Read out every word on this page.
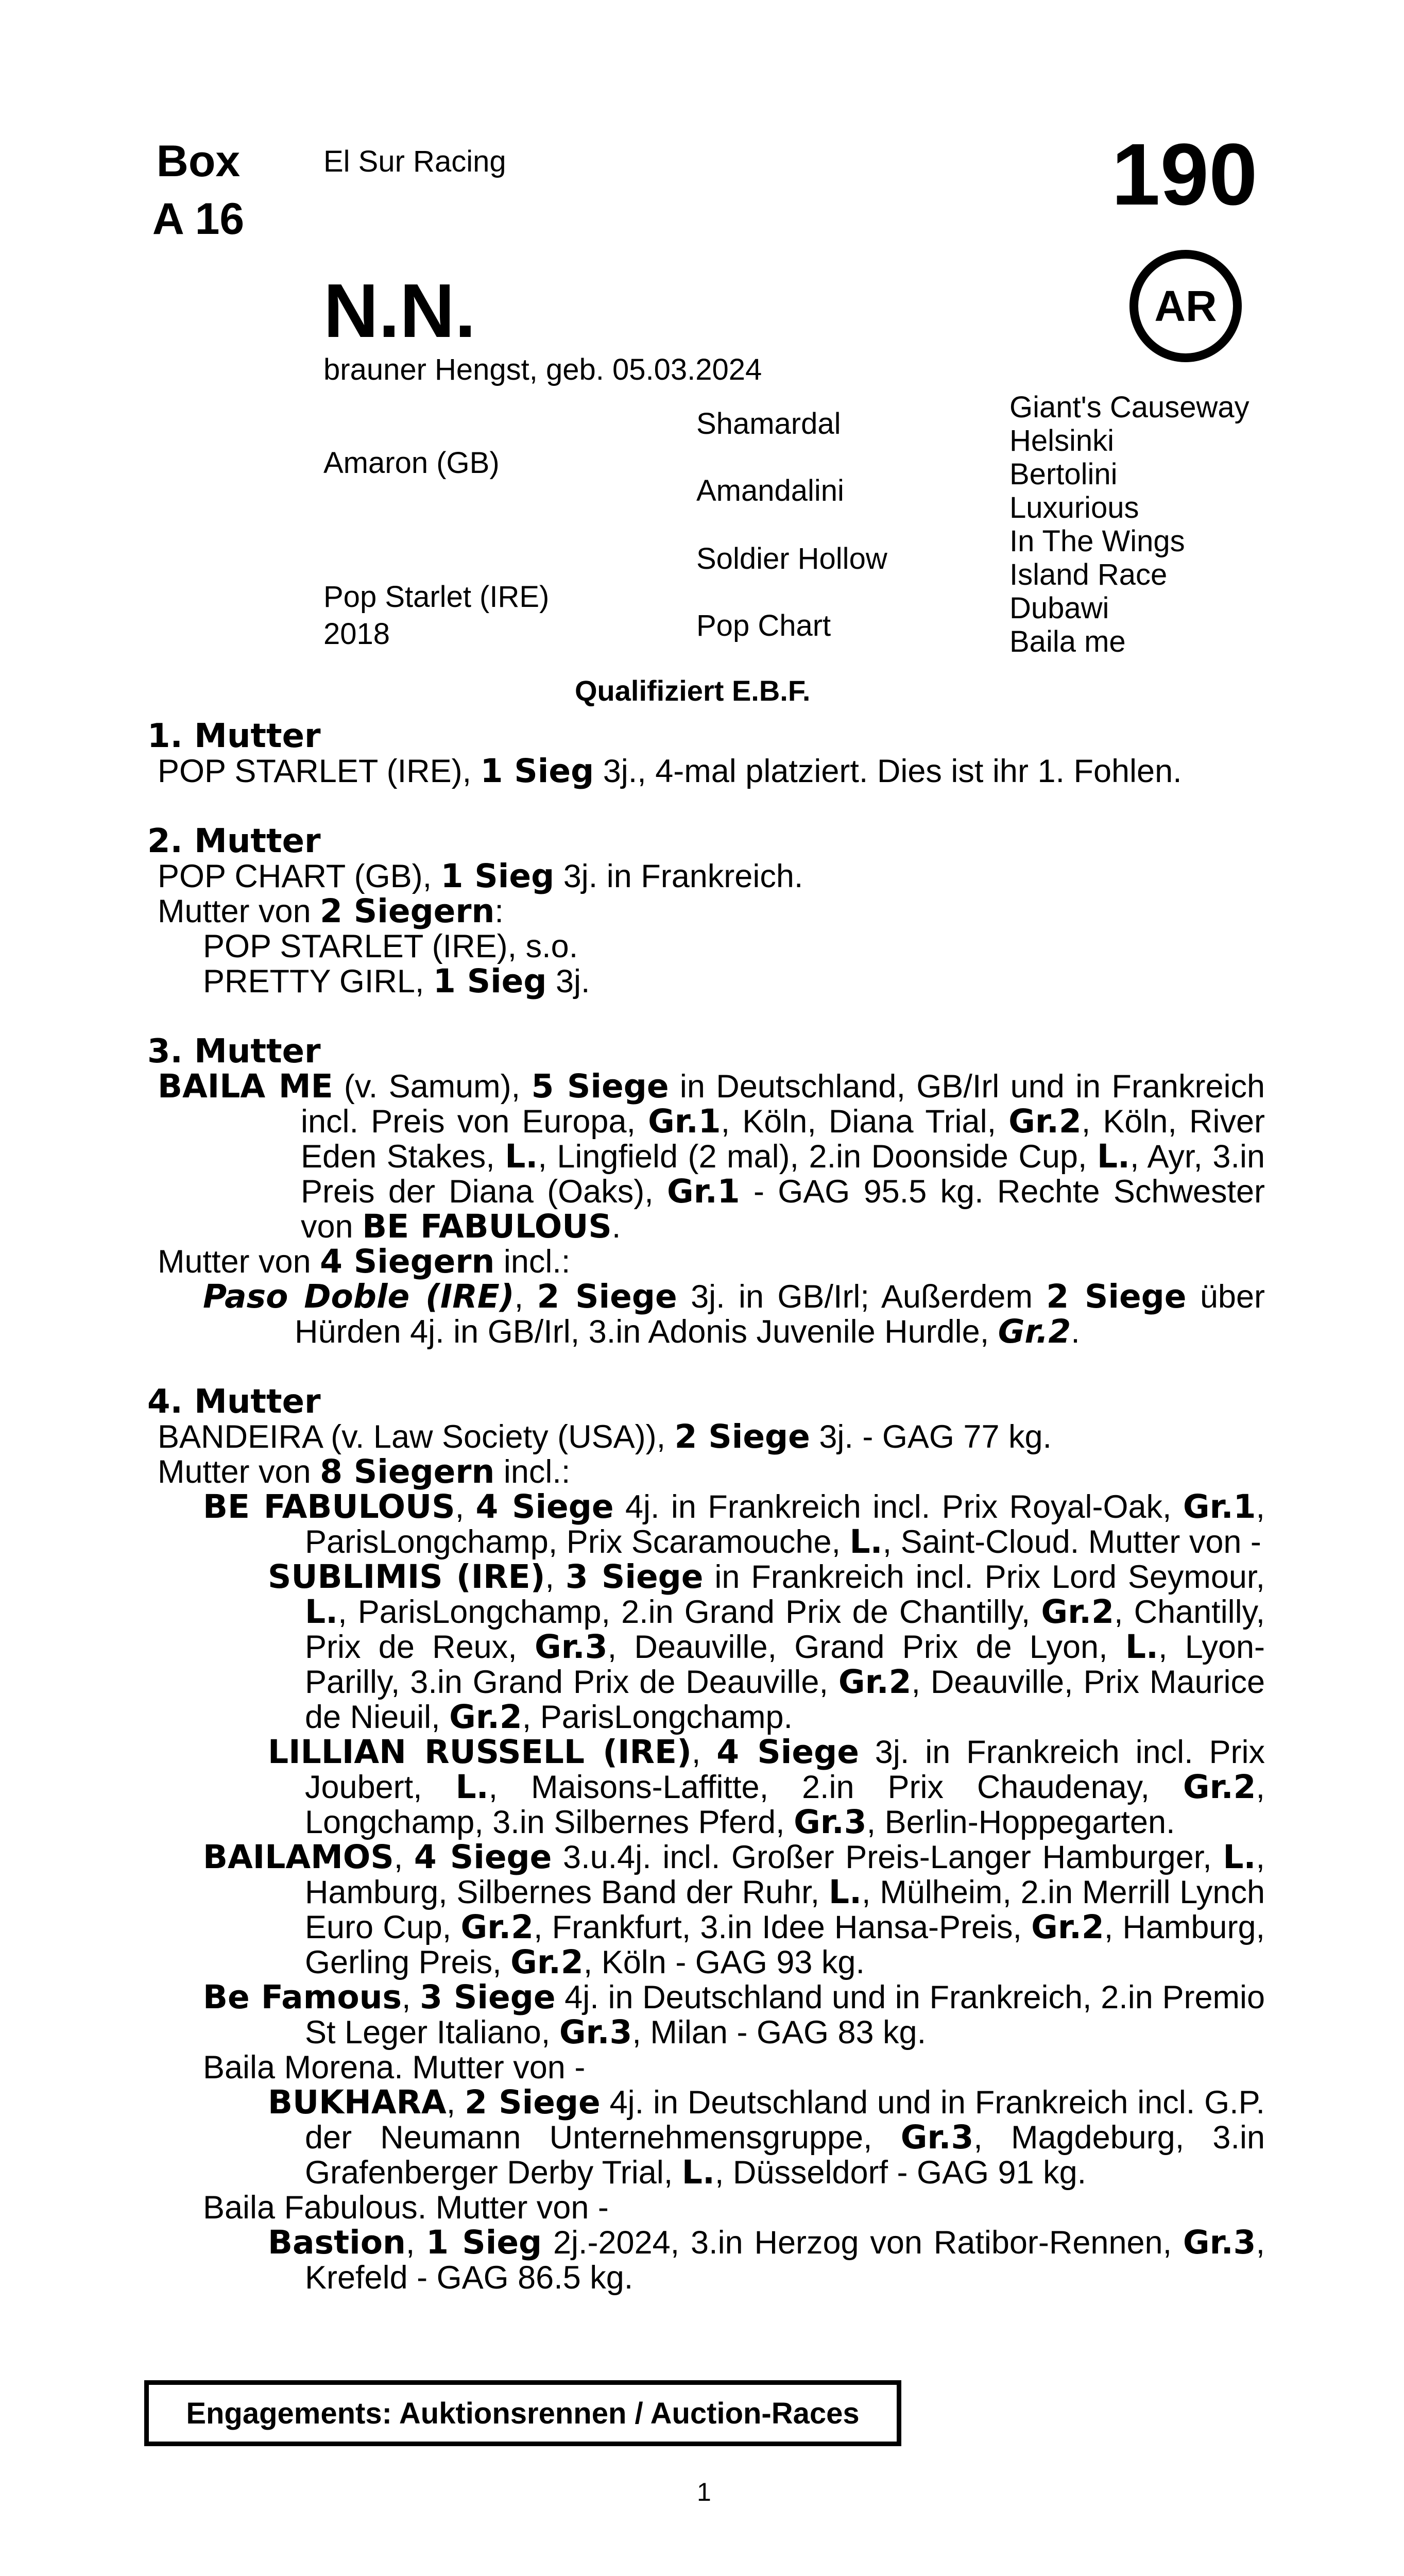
Box
A 16
El Sur Racing	190
AR
N.N.
brauner Hengst, geb. 05.03.2024
Amaron (GB)
Pop Starlet (IRE)
2018
Shamardal
Amandalini
Soldier Hollow
Pop Chart
Giant's Causeway
Helsinki
Bertolini
Luxurious
In The Wings
Island Race
Dubawi
Baila me
Qualifiziert E.B.F.

1. Mutter

POP STARLET (IRE), 1 Sieg 3j., 4-mal platziert. Dies ist ihr 1. Fohlen.

2. Mutter

POP CHART (GB), 1 Sieg 3j. in Frankreich.

Mutter von 2 Siegern:

POP STARLET (IRE), s.o.

PRETTY GIRL, 1 Sieg 3j.

3. Mutter

BAILA ME (v. Samum), 5 Siege in Deutschland, GB/Irl und in Frankreich incl. Preis von Europa, Gr.1, Köln, Diana Trial, Gr.2, Köln, River Eden Stakes, L., Lingfield (2 mal), 2.in Doonside Cup, L., Ayr, 3.in Preis der Diana (Oaks), Gr.1 - GAG 95.5 kg. Rechte Schwester von BE FABULOUS.

Mutter von 4 Siegern incl.:

Paso Doble (IRE), 2 Siege 3j. in GB/Irl; Außerdem 2 Siege über Hürden 4j. in GB/Irl, 3.in Adonis Juvenile Hurdle, Gr.2.

4. Mutter

BANDEIRA (v. Law Society (USA)), 2 Siege 3j. - GAG 77 kg.

Mutter von 8 Siegern incl.:

BE FABULOUS, 4 Siege 4j. in Frankreich incl. Prix Royal-Oak, Gr.1, ParisLongchamp, Prix Scaramouche, L., Saint-Cloud. Mutter von -

SUBLIMIS (IRE), 3 Siege in Frankreich incl. Prix Lord Seymour, L., ParisLongchamp, 2.in Grand Prix de Chantilly, Gr.2, Chantilly, Prix de Reux, Gr.3, Deauville, Grand Prix de Lyon, L., Lyon-Parilly, 3.in Grand Prix de Deauville, Gr.2, Deauville, Prix Maurice de Nieuil, Gr.2, ParisLongchamp.

LILLIAN RUSSELL (IRE), 4 Siege 3j. in Frankreich incl. Prix Joubert, L., Maisons-Laffitte, 2.in Prix Chaudenay, Gr.2, Longchamp, 3.in Silbernes Pferd, Gr.3, Berlin-Hoppegarten.

BAILAMOS, 4 Siege 3.u.4j. incl. Großer Preis-Langer Hamburger, L., Hamburg, Silbernes Band der Ruhr, L., Mülheim, 2.in Merrill Lynch Euro Cup, Gr.2, Frankfurt, 3.in Idee Hansa-Preis, Gr.2, Hamburg, Gerling Preis, Gr.2, Köln - GAG 93 kg.

Be Famous, 3 Siege 4j. in Deutschland und in Frankreich, 2.in Premio St Leger Italiano, Gr.3, Milan - GAG 83 kg.

Baila Morena. Mutter von -

BUKHARA, 2 Siege 4j. in Deutschland und in Frankreich incl. G.P. der Neumann Unternehmensgruppe, Gr.3, Magdeburg, 3.in Grafenberger Derby Trial, L., Düsseldorf - GAG 91 kg.

Baila Fabulous. Mutter von -

Bastion, 1 Sieg 2j.-2024, 3.in Herzog von Ratibor-Rennen, Gr.3, Krefeld - GAG 86.5 kg.

Engagements: Auktionsrennen / Auction-Races
1
